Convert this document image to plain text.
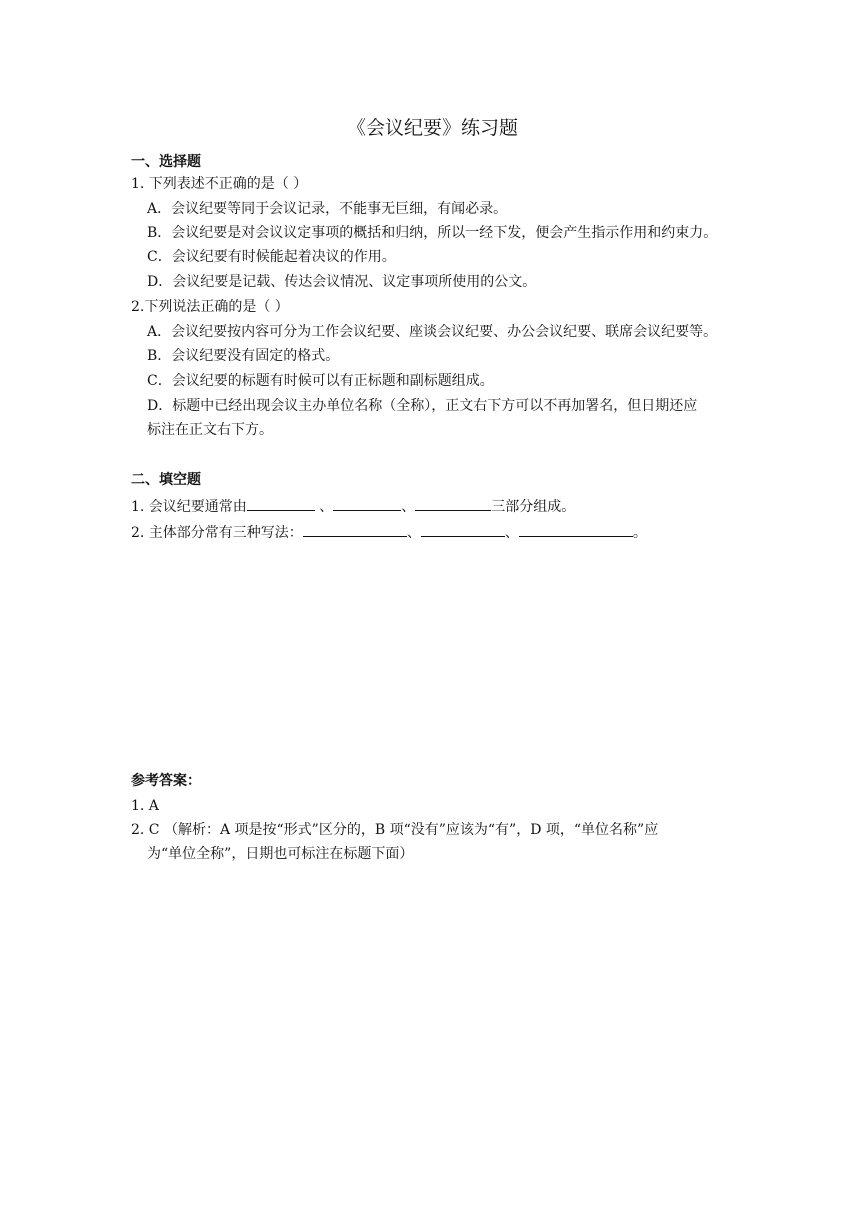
《会议纪要》练习题
一、选择题
1. 下列表述不正确的是（ ）
A．会议纪要等同于会议记录，不能事无巨细，有闻必录。
B．会议纪要是对会议议定事项的概括和归纳，所以一经下发，便会产生指示作用和约束力。
C．会议纪要有时候能起着决议的作用。
D．会议纪要是记载、传达会议情况、议定事项所使用的公文。
2.下列说法正确的是（ ）
A．会议纪要按内容可分为工作会议纪要、座谈会议纪要、办公会议纪要、联席会议纪要等。
B．会议纪要没有固定的格式。
C．会议纪要的标题有时候可以有正标题和副标题组成。
D．标题中已经出现会议主办单位名称（全称），正文右下方可以不再加署名，但日期还应
标注在正文右下方。
二、填空题
1. 会议纪要通常由	、	、	三部分组成。
2. 主体部分常有三种写法：	、	、	。
参考答案：
1. A
2. C （解析：A 项是按“形式”区分的，B 项“没有”应该为“有”，D 项，“单位名称”应
为“单位全称”，日期也可标注在标题下面）
